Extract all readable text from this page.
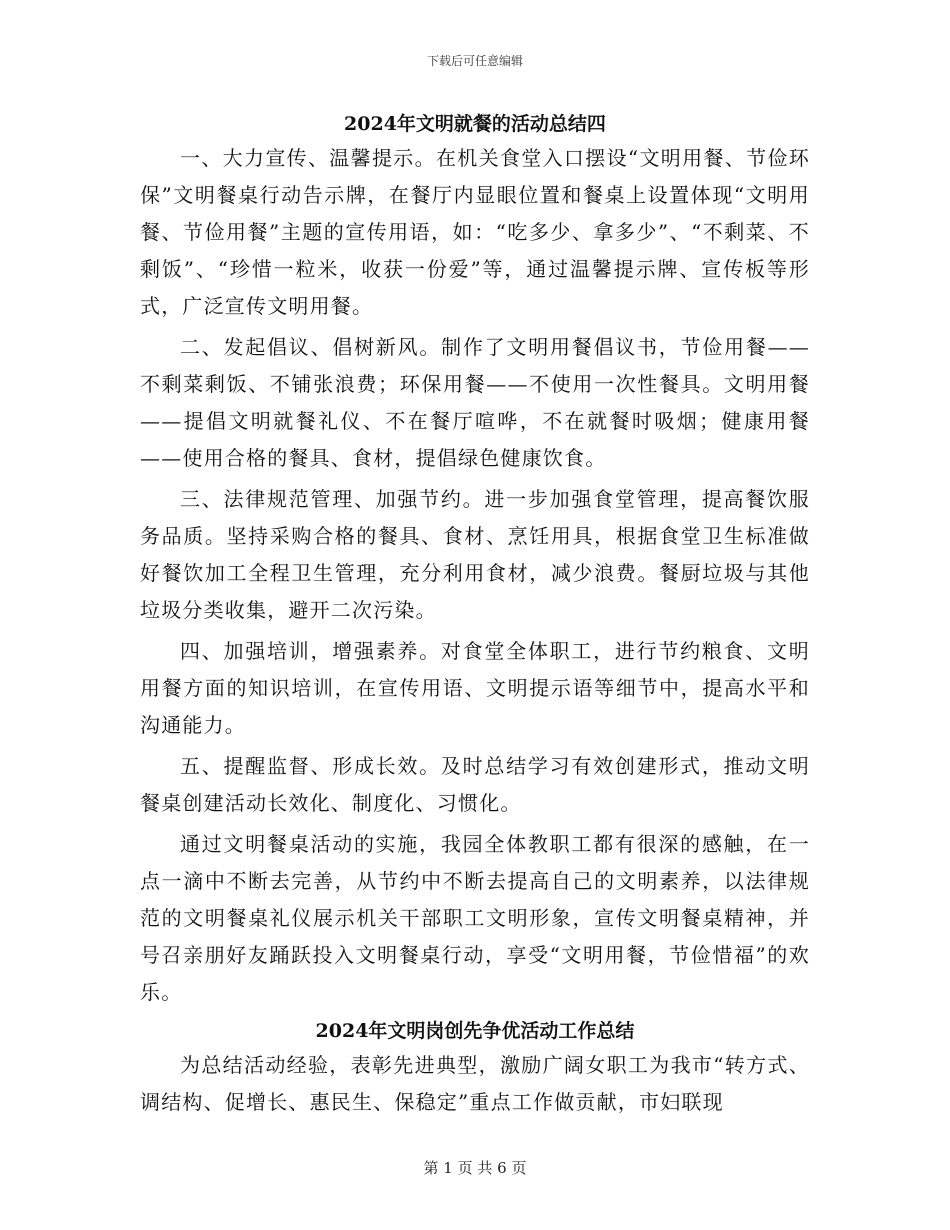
下载后可任意编辑
2024年文明就餐的活动总结四

一、大力宣传、温馨提示。在机关食堂入口摆设“文明用餐、节俭环保”文明餐桌行动告示牌，在餐厅内显眼位置和餐桌上设置体现“文明用餐、节俭用餐”主题的宣传用语，如：“吃多少、拿多少”、“不剩菜、不剩饭”、“珍惜一粒米，收获一份爱”等，通过温馨提示牌、宣传板等形式，广泛宣传文明用餐。

二、发起倡议、倡树新风。制作了文明用餐倡议书，节俭用餐——不剩菜剩饭、不铺张浪费；环保用餐——不使用一次性餐具。文明用餐——提倡文明就餐礼仪、不在餐厅喧哗，不在就餐时吸烟；健康用餐——使用合格的餐具、食材，提倡绿色健康饮食。

三、法律规范管理、加强节约。进一步加强食堂管理，提高餐饮服务品质。坚持采购合格的餐具、食材、烹饪用具，根据食堂卫生标准做好餐饮加工全程卫生管理，充分利用食材，减少浪费。餐厨垃圾与其他垃圾分类收集，避开二次污染。

四、加强培训，增强素养。对食堂全体职工，进行节约粮食、文明用餐方面的知识培训，在宣传用语、文明提示语等细节中，提高水平和沟通能力。

五、提醒监督、形成长效。及时总结学习有效创建形式，推动文明餐桌创建活动长效化、制度化、习惯化。

通过文明餐桌活动的实施，我园全体教职工都有很深的感触，在一点一滴中不断去完善，从节约中不断去提高自己的文明素养，以法律规范的文明餐桌礼仪展示机关干部职工文明形象，宣传文明餐桌精神，并号召亲朋好友踊跃投入文明餐桌行动，享受“文明用餐，节俭惜福”的欢乐。

2024年文明岗创先争优活动工作总结

为总结活动经验，表彰先进典型，激励广阔女职工为我市“转方式、调结构、促增长、惠民生、保稳定”重点工作做贡献，市妇联现

第 1 页 共 6 页
